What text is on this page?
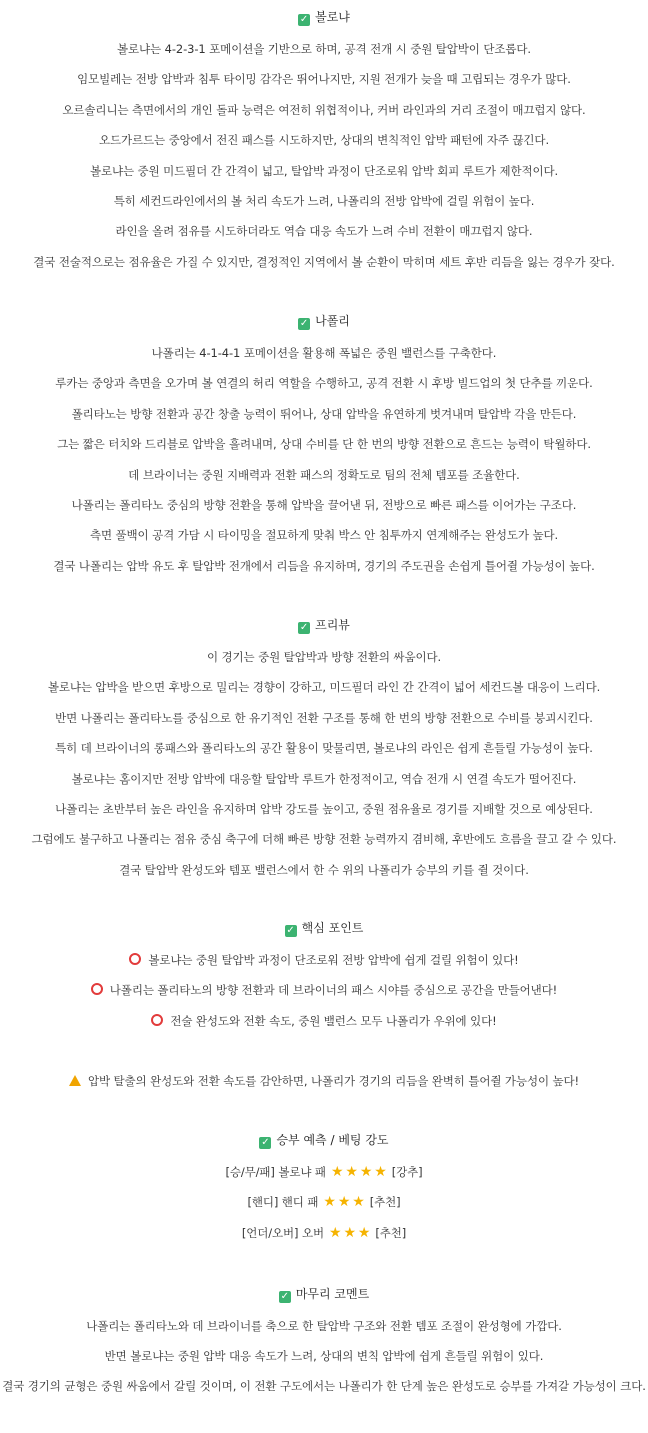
✓ 볼로냐

볼로냐는 4-2-3-1 포메이션을 기반으로 하며, 공격 전개 시 중원 탈압박이 단조롭다.

임모빌레는 전방 압박과 침투 타이밍 감각은 뛰어나지만, 지원 전개가 늦을 때 고립되는 경우가 많다.

오르솔리니는 측면에서의 개인 돌파 능력은 여전히 위협적이나, 커버 라인과의 거리 조절이 매끄럽지 않다.

오드가르드는 중앙에서 전진 패스를 시도하지만, 상대의 변칙적인 압박 패턴에 자주 끊긴다.

볼로냐는 중원 미드필더 간 간격이 넓고, 탈압박 과정이 단조로워 압박 회피 루트가 제한적이다.

특히 세컨드라인에서의 볼 처리 속도가 느려, 나폴리의 전방 압박에 걸릴 위험이 높다.

라인을 올려 점유를 시도하더라도 역습 대응 속도가 느려 수비 전환이 매끄럽지 않다.

결국 전술적으로는 점유율은 가질 수 있지만, 결정적인 지역에서 볼 순환이 막히며 세트 후반 리듬을 잃는 경우가 잦다.

✓ 나폴리

나폴리는 4-1-4-1 포메이션을 활용해 폭넓은 중원 밸런스를 구축한다.

루카는 중앙과 측면을 오가며 볼 연결의 허리 역할을 수행하고, 공격 전환 시 후방 빌드업의 첫 단추를 끼운다.

폴리타노는 방향 전환과 공간 창출 능력이 뛰어나, 상대 압박을 유연하게 벗겨내며 탈압박 각을 만든다.

그는 짧은 터치와 드리블로 압박을 흘려내며, 상대 수비를 단 한 번의 방향 전환으로 흔드는 능력이 탁월하다.

데 브라이너는 중원 지배력과 전환 패스의 정확도로 팀의 전체 템포를 조율한다.

나폴리는 폴리타노 중심의 방향 전환을 통해 압박을 끌어낸 뒤, 전방으로 빠른 패스를 이어가는 구조다.

측면 풀백이 공격 가담 시 타이밍을 절묘하게 맞춰 박스 안 침투까지 연계해주는 완성도가 높다.

결국 나폴리는 압박 유도 후 탈압박 전개에서 리듬을 유지하며, 경기의 주도권을 손쉽게 틀어쥘 가능성이 높다.

✓ 프리뷰

이 경기는 중원 탈압박과 방향 전환의 싸움이다.

볼로냐는 압박을 받으면 후방으로 밀리는 경향이 강하고, 미드필더 라인 간 간격이 넓어 세컨드볼 대응이 느리다.

반면 나폴리는 폴리타노를 중심으로 한 유기적인 전환 구조를 통해 한 번의 방향 전환으로 수비를 붕괴시킨다.

특히 데 브라이너의 롱패스와 폴리타노의 공간 활용이 맞물리면, 볼로냐의 라인은 쉽게 흔들릴 가능성이 높다.

볼로냐는 홈이지만 전방 압박에 대응할 탈압박 루트가 한정적이고, 역습 전개 시 연결 속도가 떨어진다.

나폴리는 초반부터 높은 라인을 유지하며 압박 강도를 높이고, 중원 점유율로 경기를 지배할 것으로 예상된다.

그럼에도 불구하고 나폴리는 점유 중심 축구에 더해 빠른 방향 전환 능력까지 겸비해, 후반에도 흐름을 끌고 갈 수 있다.

결국 탈압박 완성도와 템포 밸런스에서 한 수 위의 나폴리가 승부의 키를 쥘 것이다.

✓ 핵심 포인트

볼로냐는 중원 탈압박 과정이 단조로워 전방 압박에 쉽게 걸릴 위험이 있다!

나폴리는 폴리타노의 방향 전환과 데 브라이너의 패스 시야를 중심으로 공간을 만들어낸다!

전술 완성도와 전환 속도, 중원 밸런스 모두 나폴리가 우위에 있다!

압박 탈출의 완성도와 전환 속도를 감안하면, 나폴리가 경기의 리듬을 완벽히 틀어쥘 가능성이 높다!

✓ 승부 예측 / 베팅 강도

[승/무/패] 볼로냐 패 ★ ★ ★ ★ [강추]

[핸디] 핸디 패 ★ ★ ★ [추천]

[언더/오버] 오버 ★ ★ ★ [추천]

✓ 마무리 코멘트

나폴리는 폴리타노와 데 브라이너를 축으로 한 탈압박 구조와 전환 템포 조절이 완성형에 가깝다.

반면 볼로냐는 중원 압박 대응 속도가 느려, 상대의 변칙 압박에 쉽게 흔들릴 위험이 있다.

결국 경기의 균형은 중원 싸움에서 갈릴 것이며, 이 전환 구도에서는 나폴리가 한 단계 높은 완성도로 승부를 가져갈 가능성이 크다.
